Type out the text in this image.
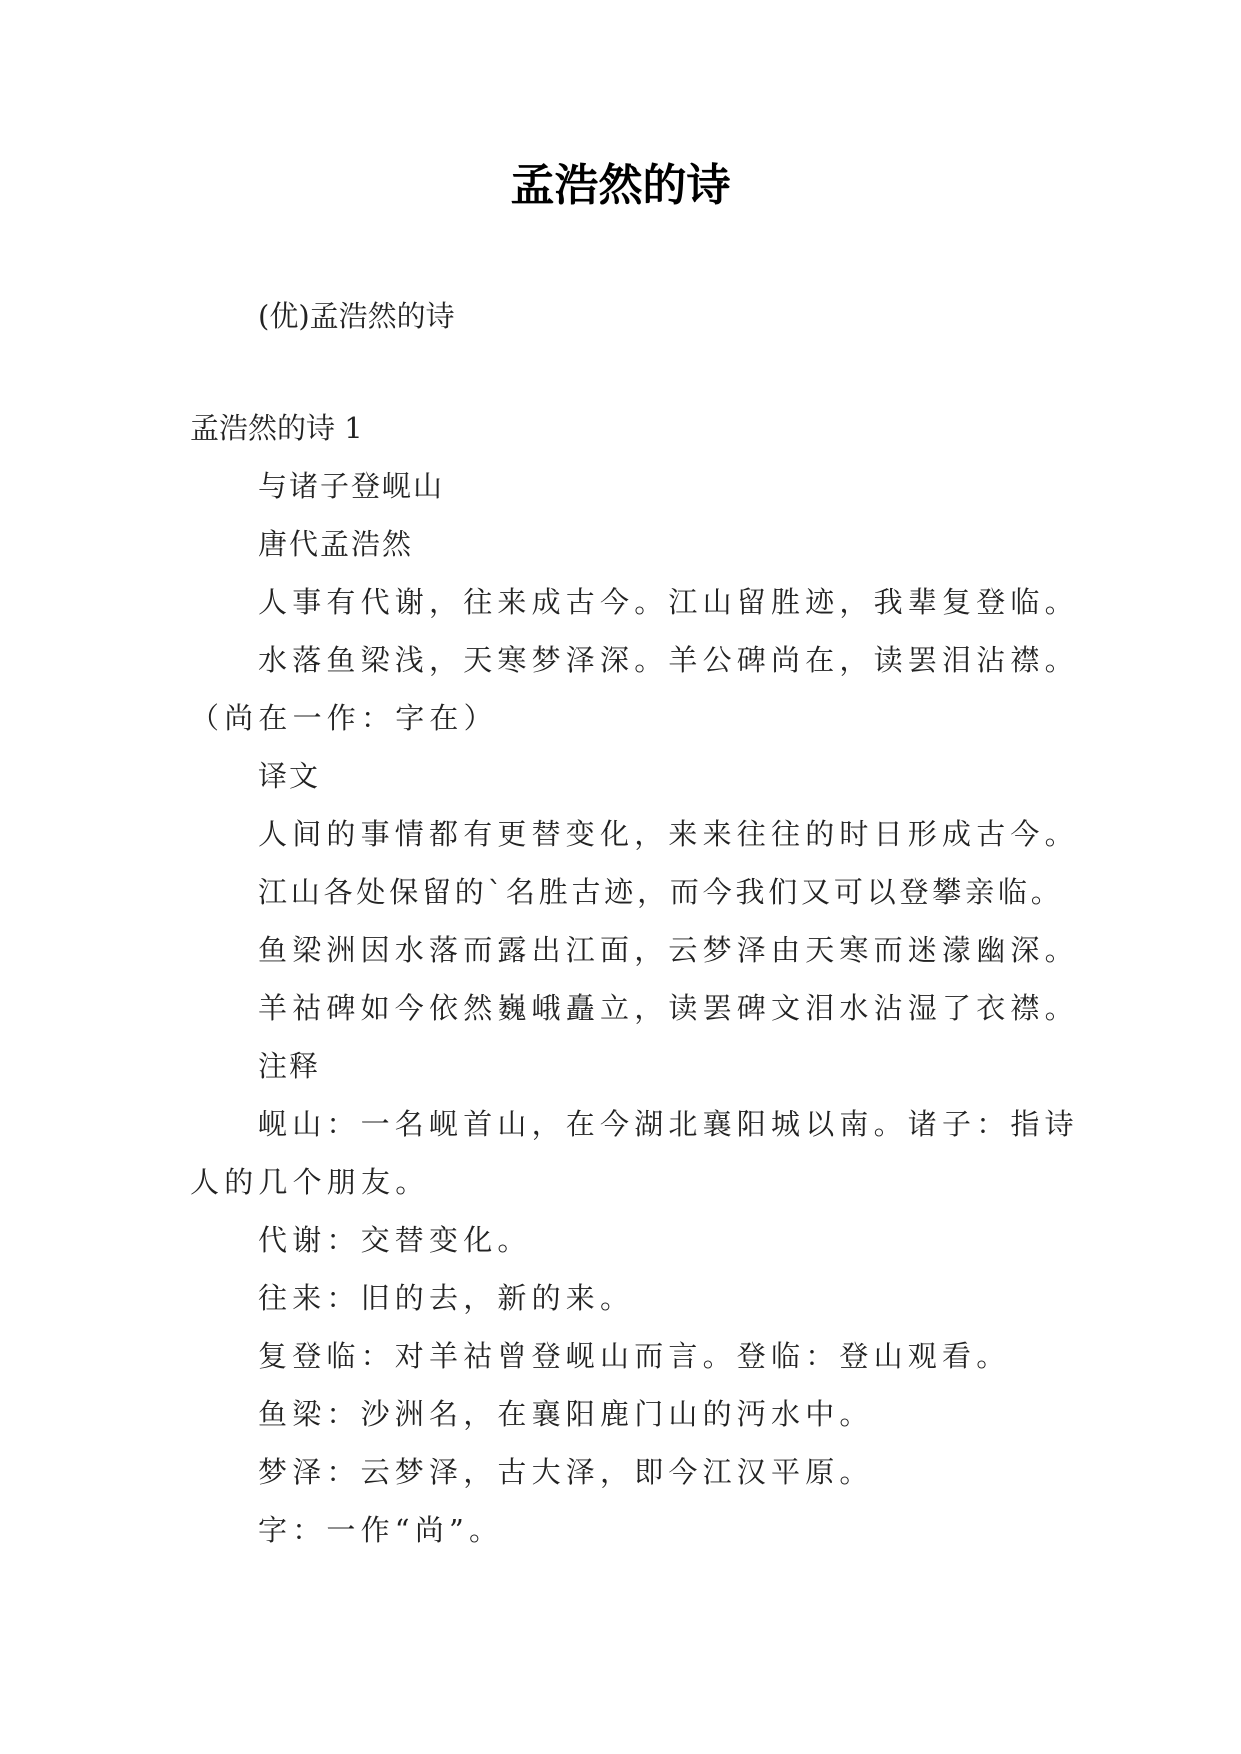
孟浩然的诗
(优)孟浩然的诗
孟浩然的诗 1
与诸子登岘山
唐代孟浩然
人事有代谢，往来成古今。江山留胜迹，我辈复登临。
水落鱼梁浅，天寒梦泽深。羊公碑尚在，读罢泪沾襟。
（尚在一作：字在）
译文
人间的事情都有更替变化，来来往往的时日形成古今。
江山各处保留的`名胜古迹，而今我们又可以登攀亲临。
鱼梁洲因水落而露出江面，云梦泽由天寒而迷濛幽深。
羊祜碑如今依然巍峨矗立，读罢碑文泪水沾湿了衣襟。
注释
岘山：一名岘首山，在今湖北襄阳城以南。诸子：指诗
人的几个朋友。
代谢：交替变化。
往来：旧的去，新的来。
复登临：对羊祜曾登岘山而言。登临：登山观看。
鱼梁：沙洲名，在襄阳鹿门山的沔水中。
梦泽：云梦泽，古大泽，即今江汉平原。
字：一作“尚”。
